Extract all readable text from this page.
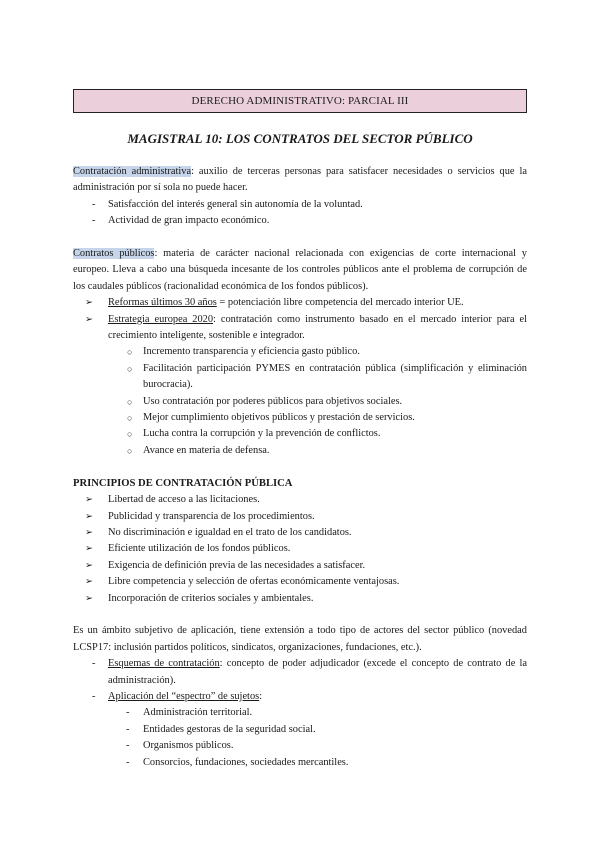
DERECHO ADMINISTRATIVO: PARCIAL III
MAGISTRAL 10: LOS CONTRATOS DEL SECTOR PÚBLICO

Contratación administrativa: auxilio de terceras personas para satisfacer necesidades o servicios que la administración por sí sola no puede hacer.

- Satisfacción del interés general sin autonomía de la voluntad.
- Actividad de gran impacto económico.

Contratos públicos: materia de carácter nacional relacionada con exigencias de corte internacional y europeo. Lleva a cabo una búsqueda incesante de los controles públicos ante el problema de corrupción de los caudales públicos (racionalidad económica de los fondos públicos).

➢ Reformas últimos 30 años = potenciación libre competencia del mercado interior UE.
➢ Estrategia europea 2020: contratación como instrumento basado en el mercado interior para el crecimiento inteligente, sostenible e integrador.
○ Incremento transparencia y eficiencia gasto público.
○ Facilitación participación PYMES en contratación pública (simplificación y eliminación burocracia).
○ Uso contratación por poderes públicos para objetivos sociales.
○ Mejor cumplimiento objetivos públicos y prestación de servicios.
○ Lucha contra la corrupción y la prevención de conflictos.
○ Avance en materia de defensa.
PRINCIPIOS DE CONTRATACIÓN PÚBLICA
➢ Libertad de acceso a las licitaciones.
➢ Publicidad y transparencia de los procedimientos.
➢ No discriminación e igualdad en el trato de los candidatos.
➢ Eficiente utilización de los fondos públicos.
➢ Exigencia de definición previa de las necesidades a satisfacer.
➢ Libre competencia y selección de ofertas económicamente ventajosas.
➢ Incorporación de criterios sociales y ambientales.

Es un ámbito subjetivo de aplicación, tiene extensión a todo tipo de actores del sector público (novedad LCSP17: inclusión partidos políticos, sindicatos, organizaciones, fundaciones, etc.).

- Esquemas de contratación: concepto de poder adjudicador (excede el concepto de contrato de la administración).
- Aplicación del “espectro” de sujetos:
- Administración territorial.
- Entidades gestoras de la seguridad social.
- Organismos públicos.
- Consorcios, fundaciones, sociedades mercantiles.
